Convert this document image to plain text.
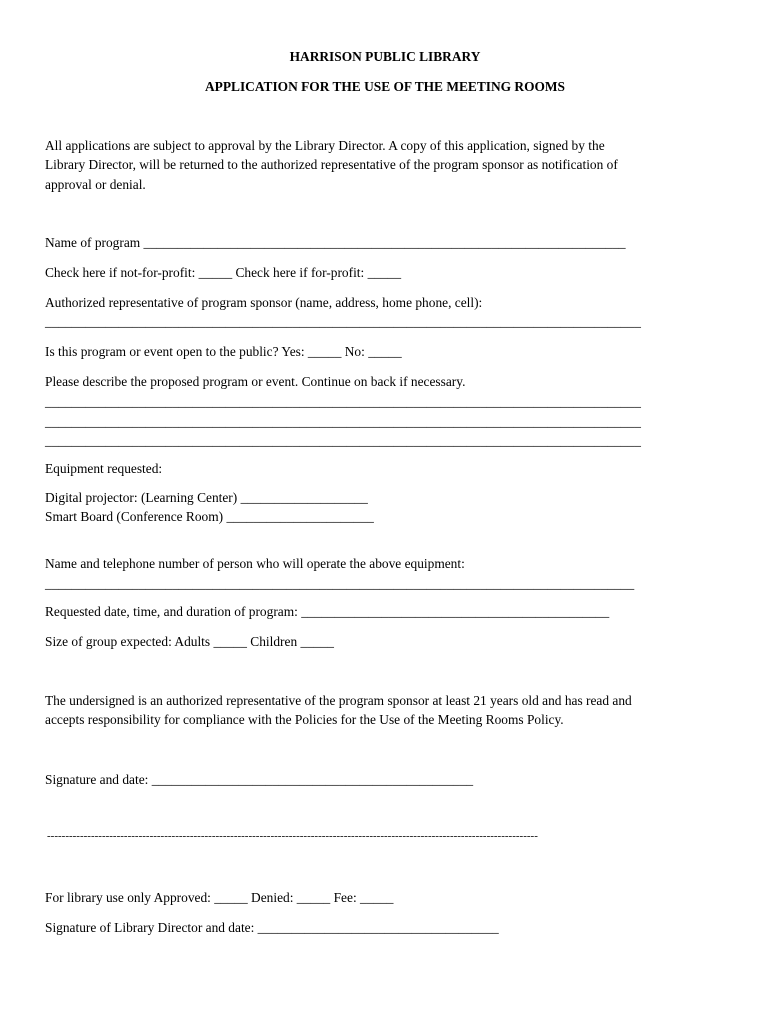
HARRISON PUBLIC LIBRARY
APPLICATION FOR THE USE OF THE MEETING ROOMS
All applications are subject to approval by the Library Director. A copy of this application, signed by the
Library Director, will be returned to the authorized representative of the program sponsor as notification of
approval or denial.
Name of program ________________________________________________________________________
Check here if not-for-profit: _____ Check here if for-profit: _____
Authorized representative of program sponsor (name, address, home phone, cell):
_________________________________________________________________________________________
Is this program or event open to the public? Yes: _____ No: _____
Please describe the proposed program or event. Continue on back if necessary.
_________________________________________________________________________________________
_________________________________________________________________________________________
_________________________________________________________________________________________
Equipment requested:
Digital projector: (Learning Center) ___________________
Smart Board (Conference Room) ______________________
Name and telephone number of person who will operate the above equipment:
________________________________________________________________________________________
Requested date, time, and duration of program: ______________________________________________
Size of group expected: Adults _____ Children _____
The undersigned is an authorized representative of the program sponsor at least 21 years old and has read and
accepts responsibility for compliance with the Policies for the Use of the Meeting Rooms Policy.
Signature and date: ________________________________________________
--------------------------------------------------------------------------------------------------------------------------------------
For library use only Approved: _____ Denied: _____ Fee: _____
Signature of Library Director and date: ____________________________________
